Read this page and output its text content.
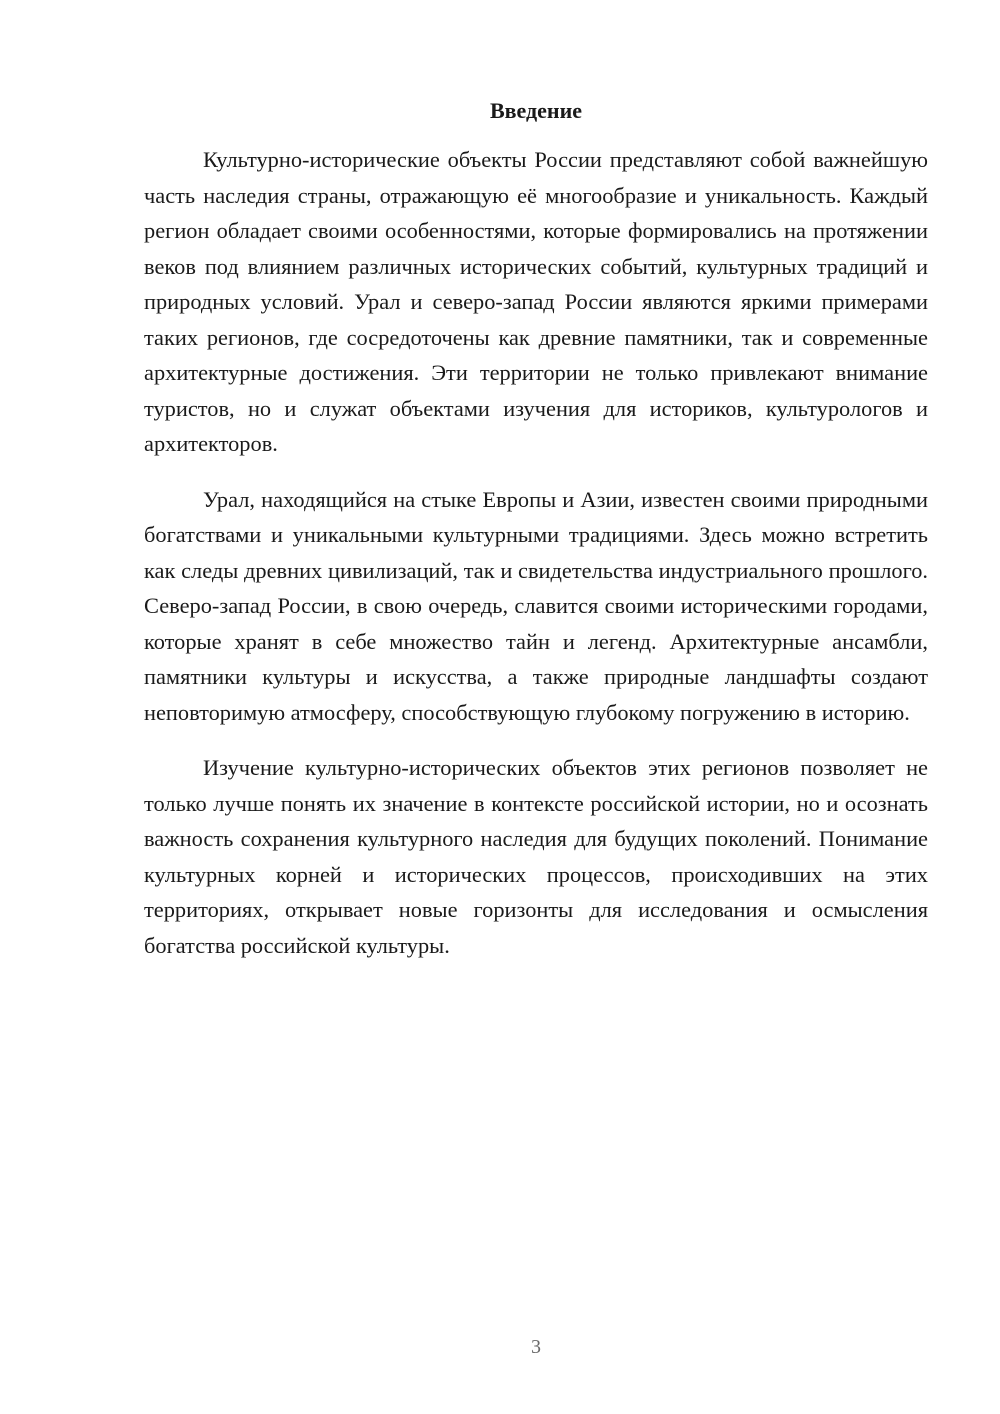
Введение

Культурно-исторические объекты России представляют собой важнейшую часть наследия страны, отражающую её многообразие и уникальность. Каждый регион обладает своими особенностями, которые формировались на протяжении веков под влиянием различных исторических событий, культурных традиций и природных условий. Урал и северо-запад России являются яркими примерами таких регионов, где сосредоточены как древние памятники, так и современные архитектурные достижения. Эти территории не только привлекают внимание туристов, но и служат объектами изучения для историков, культурологов и архитекторов.

Урал, находящийся на стыке Европы и Азии, известен своими природными богатствами и уникальными культурными традициями. Здесь можно встретить как следы древних цивилизаций, так и свидетельства индустриального прошлого. Северо-запад России, в свою очередь, славится своими историческими городами, которые хранят в себе множество тайн и легенд. Архитектурные ансамбли, памятники культуры и искусства, а также природные ландшафты создают неповторимую атмосферу, способствующую глубокому погружению в историю.

Изучение культурно-исторических объектов этих регионов позволяет не только лучше понять их значение в контексте российской истории, но и осознать важность сохранения культурного наследия для будущих поколений. Понимание культурных корней и исторических процессов, происходивших на этих территориях, открывает новые горизонты для исследования и осмысления богатства российской культуры.

3
